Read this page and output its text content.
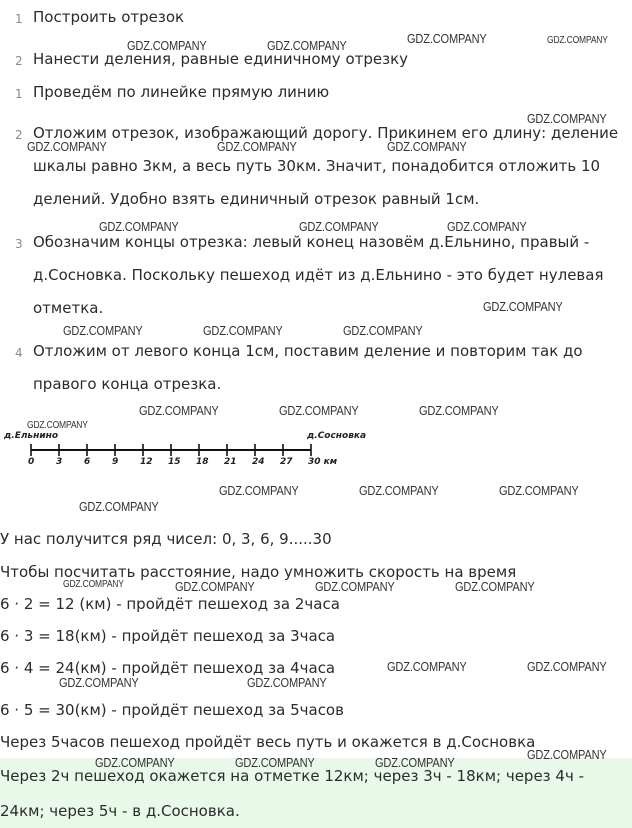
1 Построить отрезок
2 Нанести деления, равные единичному отрезку
1 Проведём по линейке прямую линию
2 Отложим отрезок, изображающий дорогу. Прикинем его длину: деление
шкалы равно 3км, а весь путь 30км. Значит, понадобится отложить 10
делений. Удобно взять единичный отрезок равный 1см.
3 Обозначим концы отрезка: левый конец назовём д.Ельнино, правый -
д.Сосновка. Поскольку пешеход идёт из д.Ельнино - это будет нулевая
отметка.
4 Отложим от левого конца 1см, поставим деление и повторим так до
правого конца отрезка.
д.Ельнино	д.Сосновка
0 3 6 9 12 15 18 21 24 27 30 км
У нас получится ряд чисел: 0, 3, 6, 9.....30
Чтобы посчитать расстояние, надо умножить скорость на время
6 · 2 = 12 (км) - пройдёт пешеход за 2часа
6 · 3 = 18(км) - пройдёт пешеход за 3часа
6 · 4 = 24(км) - пройдёт пешеход за 4часа
6 · 5 = 30(км) - пройдёт пешеход за 5часов
Через 5часов пешеход пройдёт весь путь и окажется в д.Сосновка
Через 2ч пешеход окажется на отметке 12км; через 3ч - 18км; через 4ч -
24км; через 5ч - в д.Сосновка.
GDZ.COMPANY	GDZ.COMPANY	GDZ.COMPANY	GDZ.COMPANY
GDZ.COMPANY
GDZ.COMPANY	GDZ.COMPANY	GDZ.COMPANY
GDZ.COMPANY	GDZ.COMPANY	GDZ.COMPANY
GDZ.COMPANY
GDZ.COMPANY	GDZ.COMPANY	GDZ.COMPANY
GDZ.COMPANY	GDZ.COMPANY	GDZ.COMPANY
GDZ.COMPANY
GDZ.COMPANY	GDZ.COMPANY	GDZ.COMPANY
GDZ.COMPANY
GDZ.COMPANY	GDZ.COMPANY	GDZ.COMPANY	GDZ.COMPANY
GDZ.COMPANY	GDZ.COMPANY
GDZ.COMPANY	GDZ.COMPANY
GDZ.COMPANY
GDZ.COMPANY	GDZ.COMPANY	GDZ.COMPANY
